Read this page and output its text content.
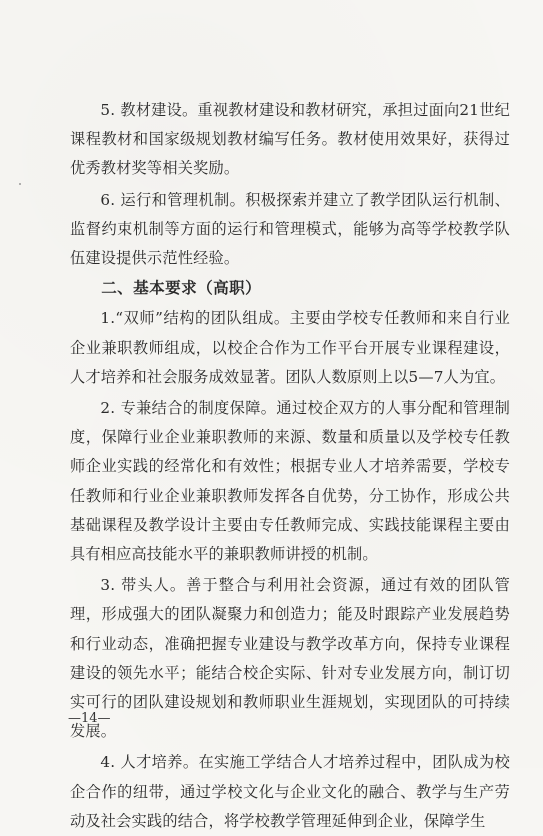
5. 教材建设。重视教材建设和教材研究，承担过面向21世纪课程教材和国家级规划教材编写任务。教材使用效果好，获得过优秀教材奖等相关奖励。

6. 运行和管理机制。积极探索并建立了教学团队运行机制、监督约束机制等方面的运行和管理模式，能够为高等学校教学队伍建设提供示范性经验。

二、基本要求（高职）

1.“双师”结构的团队组成。主要由学校专任教师和来自行业企业兼职教师组成，以校企合作为工作平台开展专业课程建设，人才培养和社会服务成效显著。团队人数原则上以5—7人为宜。

2. 专兼结合的制度保障。通过校企双方的人事分配和管理制度，保障行业企业兼职教师的来源、数量和质量以及学校专任教师企业实践的经常化和有效性；根据专业人才培养需要，学校专任教师和行业企业兼职教师发挥各自优势，分工协作，形成公共基础课程及教学设计主要由专任教师完成、实践技能课程主要由具有相应高技能水平的兼职教师讲授的机制。

3. 带头人。善于整合与利用社会资源，通过有效的团队管理，形成强大的团队凝聚力和创造力；能及时跟踪产业发展趋势和行业动态，准确把握专业建设与教学改革方向，保持专业课程建设的领先水平；能结合校企实际、针对专业发展方向，制订切实可行的团队建设规划和教师职业生涯规划，实现团队的可持续发展。

4. 人才培养。在实施工学结合人才培养过程中，团队成为校企合作的纽带，通过学校文化与企业文化的融合、教学与生产劳动及社会实践的结合，将学校教学管理延伸到企业，保障学生

—14—
